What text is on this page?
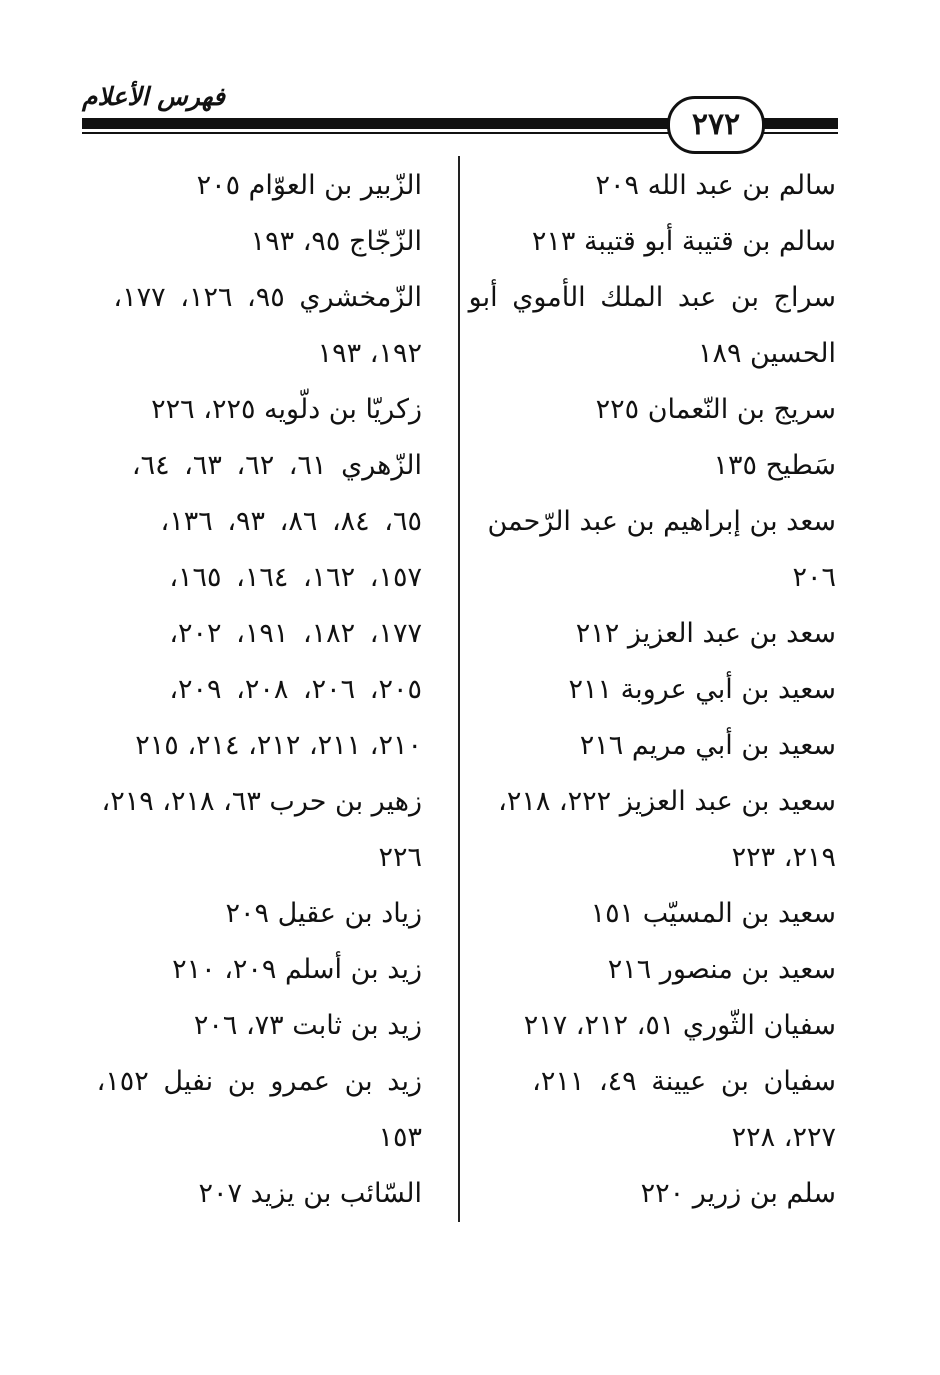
فهرس الأعلام
٢٧٢
سالم بن عبد الله ٢٠٩
سالم بن قتيبة أبو قتيبة ٢١٣
سراج بن عبد الملك الأموي أبو
الحسين ١٨٩
سريج بن النّعمان ٢٢٥
سَطيح ١٣٥
سعد بن إبراهيم بن عبد الرّحمن
٢٠٦
سعد بن عبد العزيز ٢١٢
سعيد بن أبي عروبة ٢١١
سعيد بن أبي مريم ٢١٦
سعيد بن عبد العزيز ٢٢٢، ٢١٨،
٢١٩، ٢٢٣
سعيد بن المسيّب ١٥١
سعيد بن منصور ٢١٦
سفيان الثّوري ٥١، ٢١٢، ٢١٧
سفيان بن عيينة ٤٩، ٢١١،
٢٢٧، ٢٢٨
سلم بن زرير ٢٢٠
الزّبير بن العوّام ٢٠٥
الزّجّاج ٩٥، ١٩٣
الزّمخشري ٩٥، ١٢٦، ١٧٧،
١٩٢، ١٩٣
زكريّا بن دلّويه ٢٢٥، ٢٢٦
الزّهري ٦١، ٦٢، ٦٣، ٦٤،
٦٥، ٨٤، ٨٦، ٩٣، ١٣٦،
١٥٧، ١٦٢، ١٦٤، ١٦٥،
١٧٧، ١٨٢، ١٩١، ٢٠٢،
٢٠٥، ٢٠٦، ٢٠٨، ٢٠٩،
٢١٠، ٢١١، ٢١٢، ٢١٤، ٢١٥
زهير بن حرب ٦٣، ٢١٨، ٢١٩،
٢٢٦
زياد بن عقيل ٢٠٩
زيد بن أسلم ٢٠٩، ٢١٠
زيد بن ثابت ٧٣، ٢٠٦
زيد بن عمرو بن نفيل ١٥٢،
١٥٣
السّائب بن يزيد ٢٠٧
